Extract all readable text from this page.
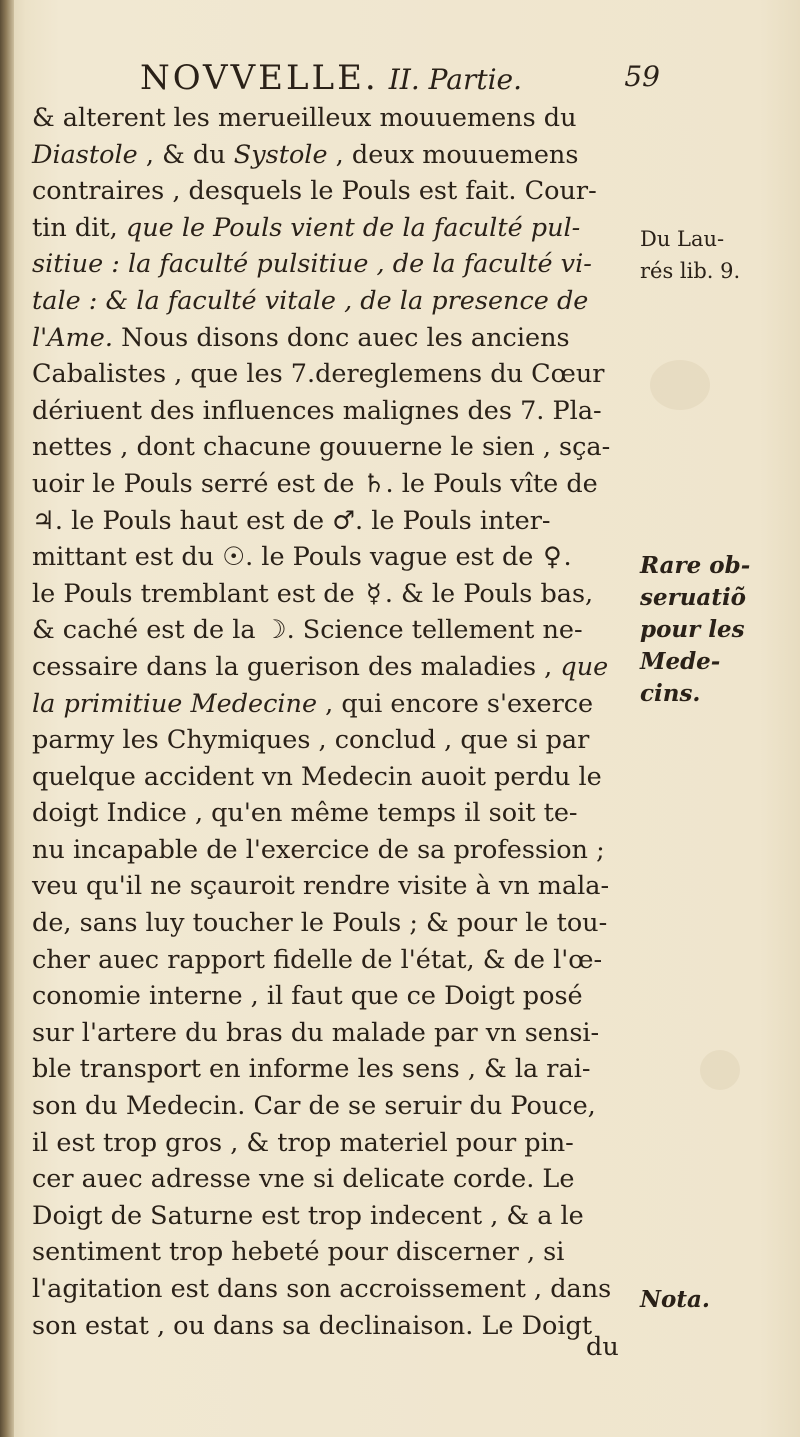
NOVVELLE. II. Partie.	59
& alterent les merueilleux mouuemens du
Diastole , & du Systole , deux mouuemens
contraires , desquels le Pouls est fait. Cour-
tin dit, que le Pouls vient de la faculté pul-
sitiue : la faculté pulsitiue , de la faculté vi-
tale : & la faculté vitale , de la presence de
l'Ame. Nous disons donc auec les anciens
Cabalistes , que les 7.dereglemens du Cœur
dériuent des influences malignes des 7. Pla-
nettes , dont chacune gouuerne le sien , sça-
uoir le Pouls serré est de ♄. le Pouls vîte de
♃. le Pouls haut est de ♂. le Pouls inter-
mittant est du ☉. le Pouls vague est de ♀.
le Pouls tremblant est de ☿ . & le Pouls bas,
& caché est de la ☽. Science tellement ne-
cessaire dans la guerison des maladies , que
la primitiue Medecine , qui encore s'exerce
parmy les Chymiques , conclud , que si par
quelque accident vn Medecin auoit perdu le
doigt Indice , qu'en même temps il soit te-
nu incapable de l'exercice de sa profession ;
veu qu'il ne sçauroit rendre visite à vn mala-
de, sans luy toucher le Pouls ; & pour le tou-
cher auec rapport fidelle de l'état, & de l'œ-
conomie interne , il faut que ce Doigt posé
sur l'artere du bras du malade par vn sensi-
ble transport en informe les sens , & la rai-
son du Medecin. Car de se seruir du Pouce,
il est trop gros , & trop materiel pour pin-
cer auec adresse vne si delicate corde. Le
Doigt de Saturne est trop indecent , & a le
sentiment trop hebeté pour discerner , si
l'agitation est dans son accroissement , dans
son estat , ou dans sa declinaison. Le Doigt
Du Lau-
rés lib. 9.
Rare ob-
seruatiõ
pour les
Mede-
cins.
Nota.
du
